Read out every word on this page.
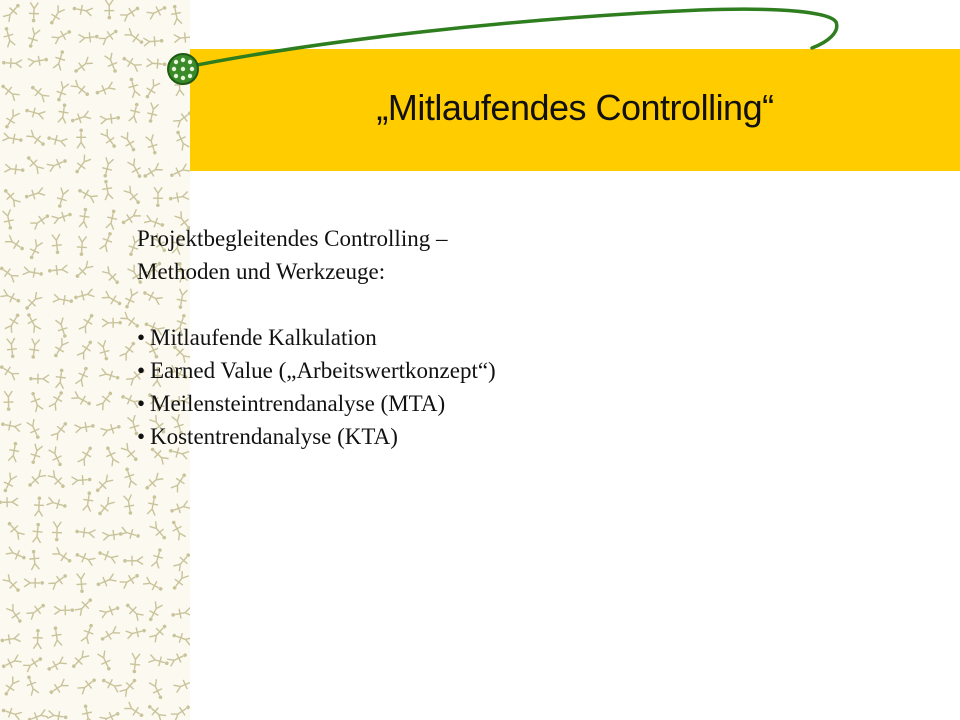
„Mitlaufendes Controlling“
Projektbegleitendes Controlling –
Methoden und Werkzeuge:
• Mitlaufende Kalkulation
• Earned Value („Arbeitswertkonzept“)
• Meilensteintrendanalyse (MTA)
• Kostentrendanalyse (KTA)
